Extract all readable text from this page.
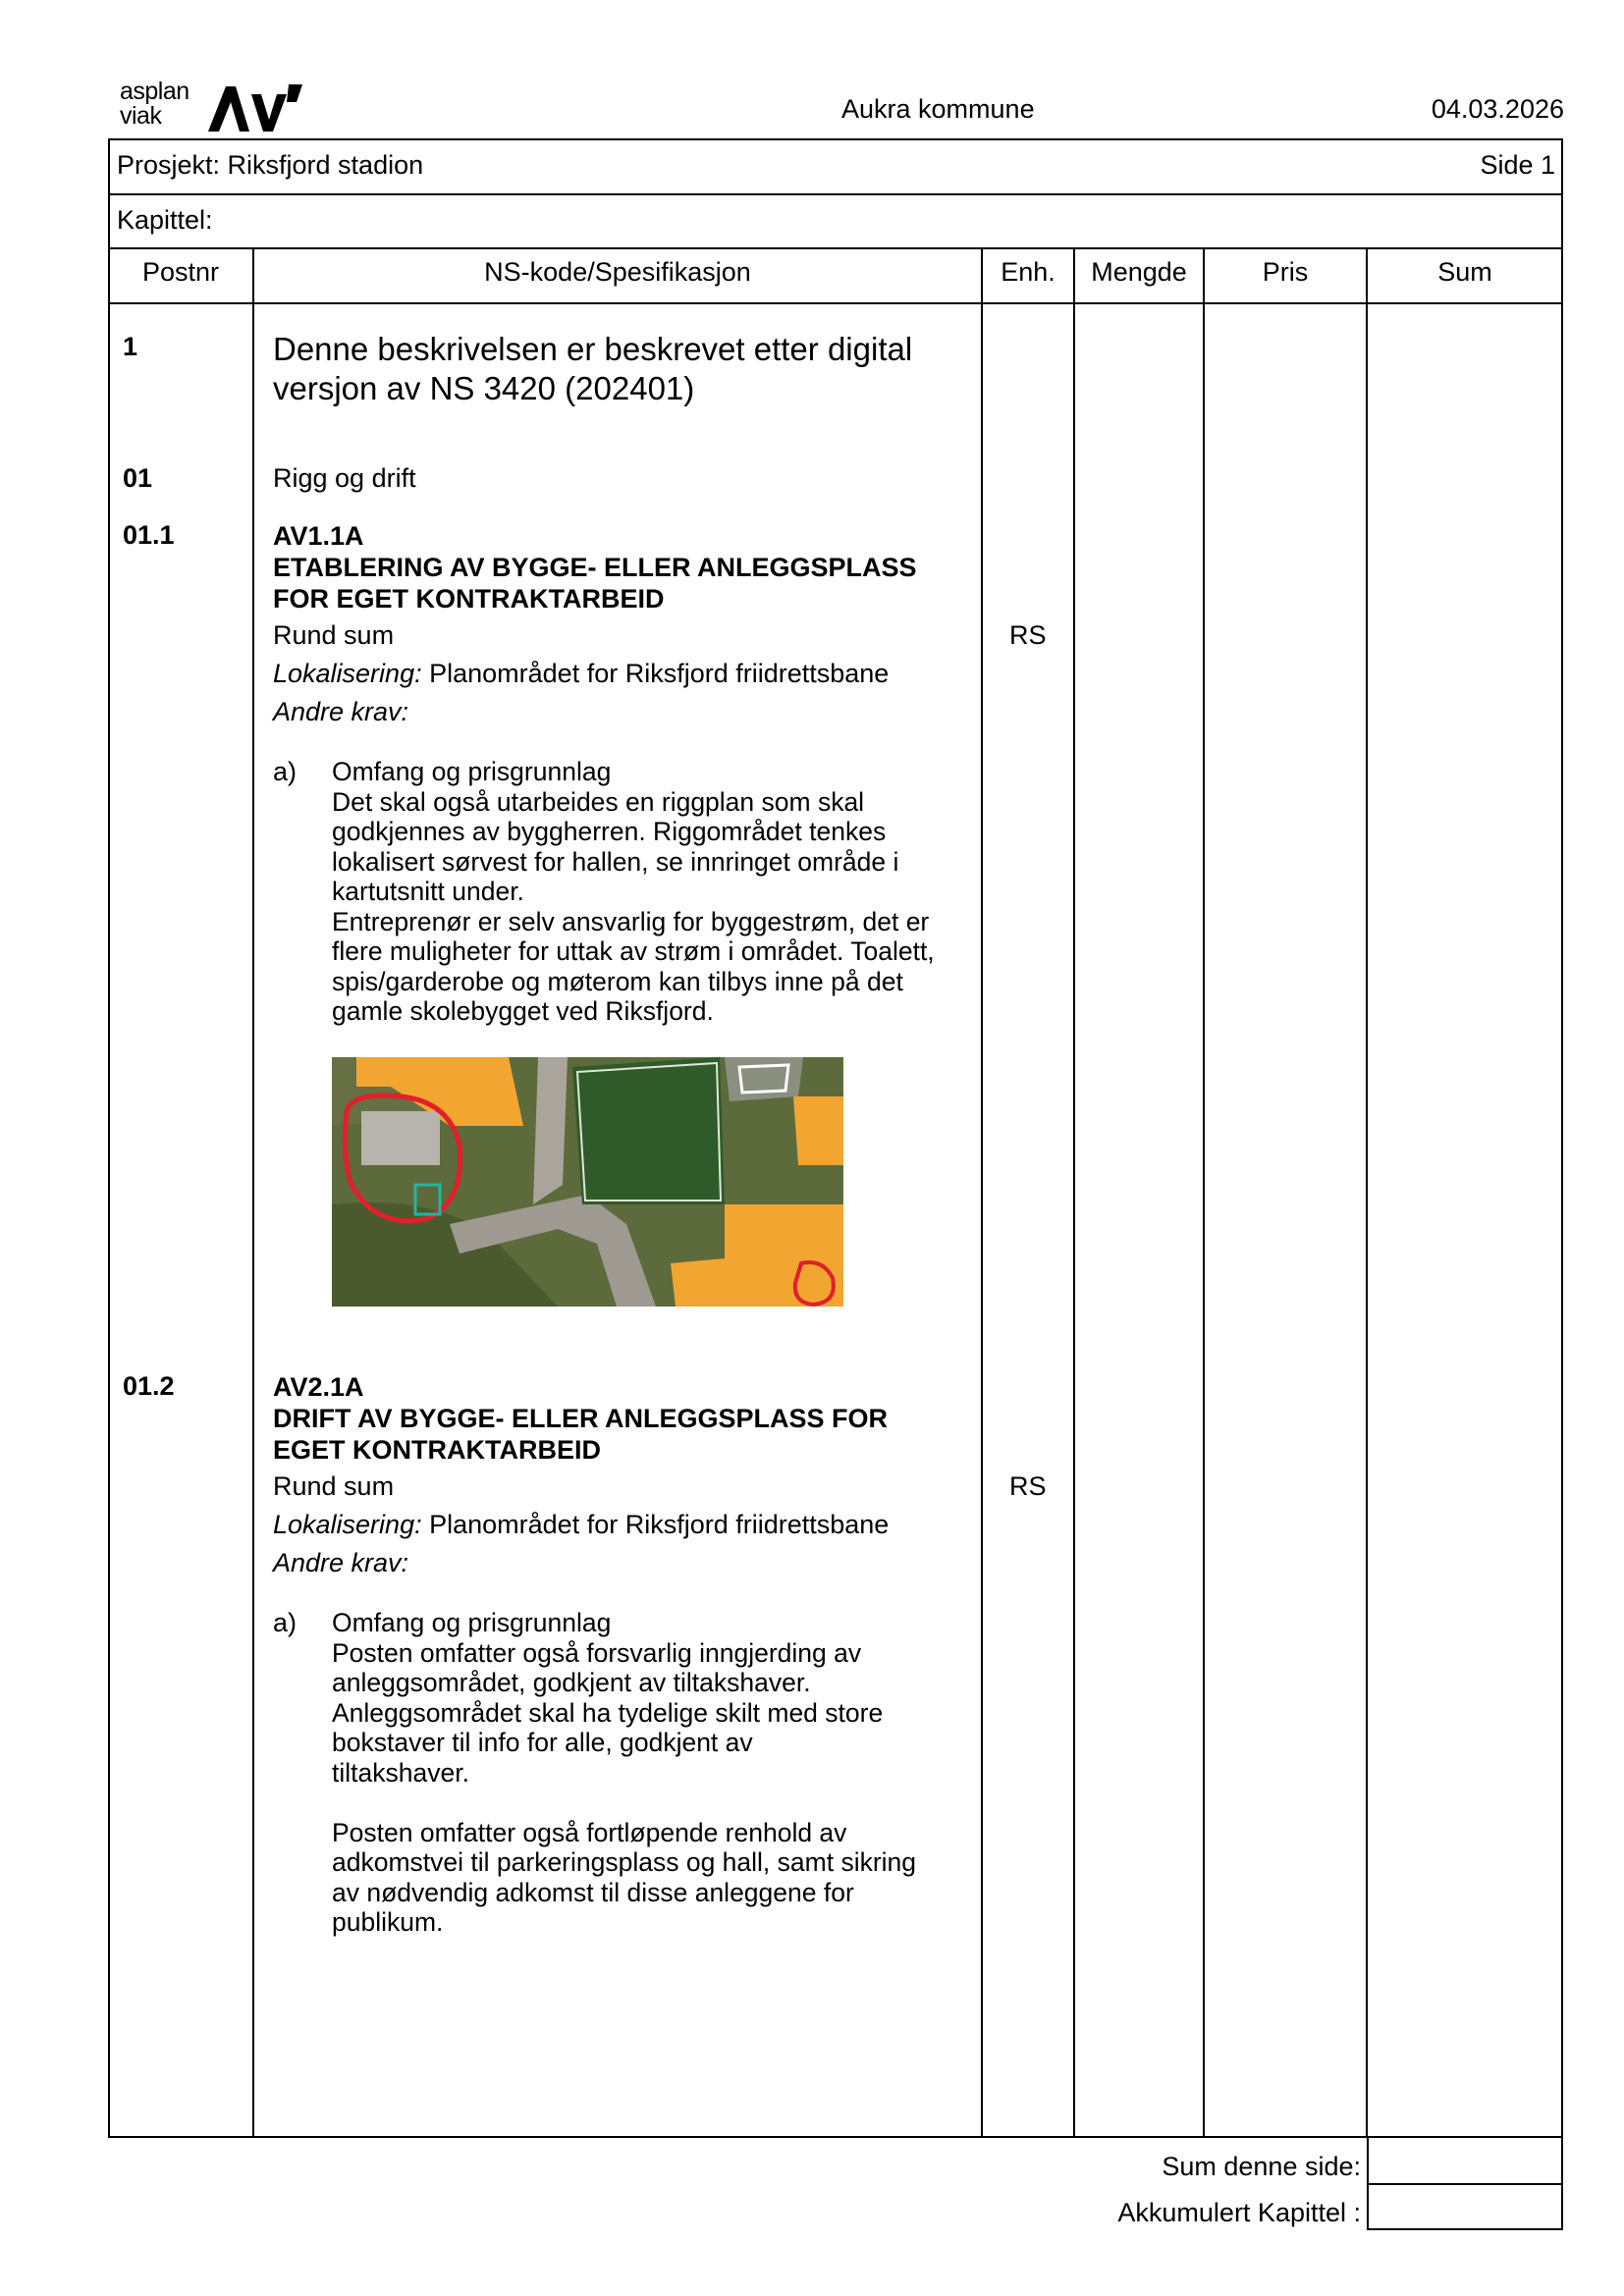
asplan
viak	Aukra kommune	04.03.2026
Prosjekt: Riksfjord stadion	Side 1
Kapittel:
Postnr	NS-kode/Spesifikasjon	Enh.	Mengde	Pris	Sum
1	Denne beskrivelsen er beskrevet etter digital
versjon av NS 3420 (202401)
01	Rigg og drift
01.1	AV1.1A
ETABLERING AV BYGGE- ELLER ANLEGGSPLASS
FOR EGET KONTRAKTARBEID
Rund sum	RS
Lokalisering: Planområdet for Riksfjord friidrettsbane
Andre krav:
a) Omfang og prisgrunnlag
Det skal også utarbeides en riggplan som skal
godkjennes av byggherren. Riggområdet tenkes
lokalisert sørvest for hallen, se innringet område i
kartutsnitt under.
Entreprenør er selv ansvarlig for byggestrøm, det er
flere muligheter for uttak av strøm i området. Toalett,
spis/garderobe og møterom kan tilbys inne på det
gamle skolebygget ved Riksfjord.
01.2	AV2.1A
DRIFT AV BYGGE- ELLER ANLEGGSPLASS FOR
EGET KONTRAKTARBEID
Rund sum	RS
Lokalisering: Planområdet for Riksfjord friidrettsbane
Andre krav:
a) Omfang og prisgrunnlag
Posten omfatter også forsvarlig inngjerding av
anleggsområdet, godkjent av tiltakshaver.
Anleggsområdet skal ha tydelige skilt med store
bokstaver til info for alle, godkjent av
tiltakshaver.
Posten omfatter også fortløpende renhold av
adkomstvei til parkeringsplass og hall, samt sikring
av nødvendig adkomst til disse anleggene for
publikum.
Sum denne side:
Akkumulert Kapittel :
